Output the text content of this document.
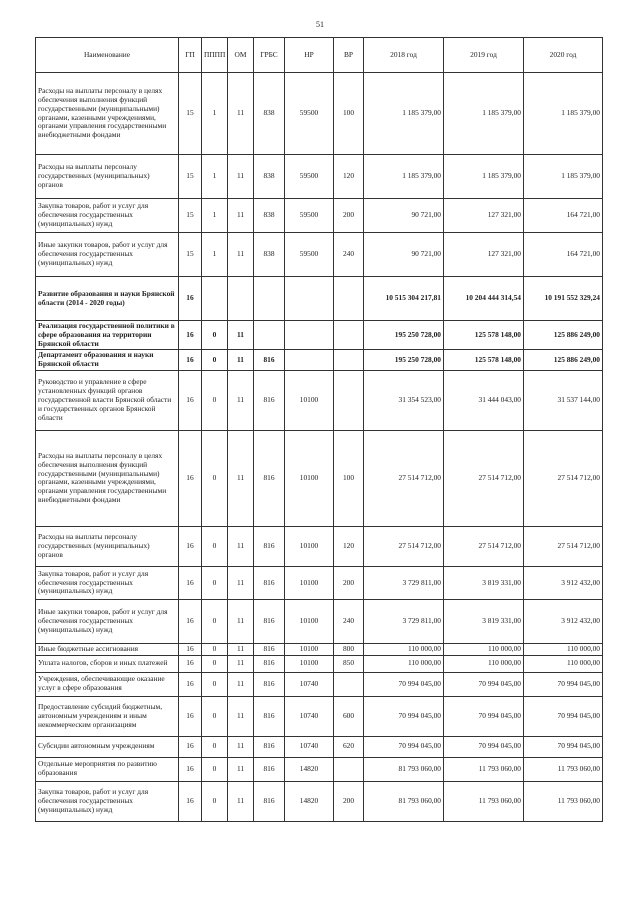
51
Наименование	ГП	ПППП	ОМ	ГРБС	НР	ВР	2018 год	2019 год	2020 год
Расходы на выплаты персоналу в целях обеспечения выполнения функций государственными (муниципальными) органами, казенными учреждениями, органами управления государственными внебюджетными фондами	15	1	11	838	59500	100	1 185 379,00	1 185 379,00	1 185 379,00
Расходы на выплаты персоналу государственных (муниципальных) органов	15	1	11	838	59500	120	1 185 379,00	1 185 379,00	1 185 379,00
Закупка товаров, работ и услуг для обеспечения государственных (муниципальных) нужд	15	1	11	838	59500	200	90 721,00	127 321,00	164 721,00
Иные закупки товаров, работ и услуг для обеспечения государственных (муниципальных) нужд	15	1	11	838	59500	240	90 721,00	127 321,00	164 721,00
Развитие образования и науки Брянской области (2014 - 2020 годы)	16						10 515 304 217,81	10 204 444 314,54	10 191 552 329,24
Реализация государственной политики в сфере образования на территории Брянской области	16	0	11				195 250 728,00	125 578 148,00	125 886 249,00
Департамент образования и науки Брянской области	16	0	11	816			195 250 728,00	125 578 148,00	125 886 249,00
Руководство и управление в сфере установленных функций органов государственной власти Брянской области и государственных органов Брянской области	16	0	11	816	10100		31 354 523,00	31 444 043,00	31 537 144,00
Расходы на выплаты персоналу в целях обеспечения выполнения функций государственными (муниципальными) органами, казенными учреждениями, органами управления государственными внебюджетными фондами	16	0	11	816	10100	100	27 514 712,00	27 514 712,00	27 514 712,00
Расходы на выплаты персоналу государственных (муниципальных) органов	16	0	11	816	10100	120	27 514 712,00	27 514 712,00	27 514 712,00
Закупка товаров, работ и услуг для обеспечения государственных (муниципальных) нужд	16	0	11	816	10100	200	3 729 811,00	3 819 331,00	3 912 432,00
Иные закупки товаров, работ и услуг для обеспечения государственных (муниципальных) нужд	16	0	11	816	10100	240	3 729 811,00	3 819 331,00	3 912 432,00
Иные бюджетные ассигнования	16	0	11	816	10100	800	110 000,00	110 000,00	110 000,00
Уплата налогов, сборов и иных платежей	16	0	11	816	10100	850	110 000,00	110 000,00	110 000,00
Учреждения, обеспечивающие оказание услуг в сфере образования	16	0	11	816	10740		70 994 045,00	70 994 045,00	70 994 045,00
Предоставление субсидий бюджетным, автономным учреждениям и иным некоммерческим организациям	16	0	11	816	10740	600	70 994 045,00	70 994 045,00	70 994 045,00
Субсидии автономным учреждениям	16	0	11	816	10740	620	70 994 045,00	70 994 045,00	70 994 045,00
Отдельные мероприятия по развитию образования	16	0	11	816	14820		81 793 060,00	11 793 060,00	11 793 060,00
Закупка товаров, работ и услуг для обеспечения государственных (муниципальных) нужд	16	0	11	816	14820	200	81 793 060,00	11 793 060,00	11 793 060,00
